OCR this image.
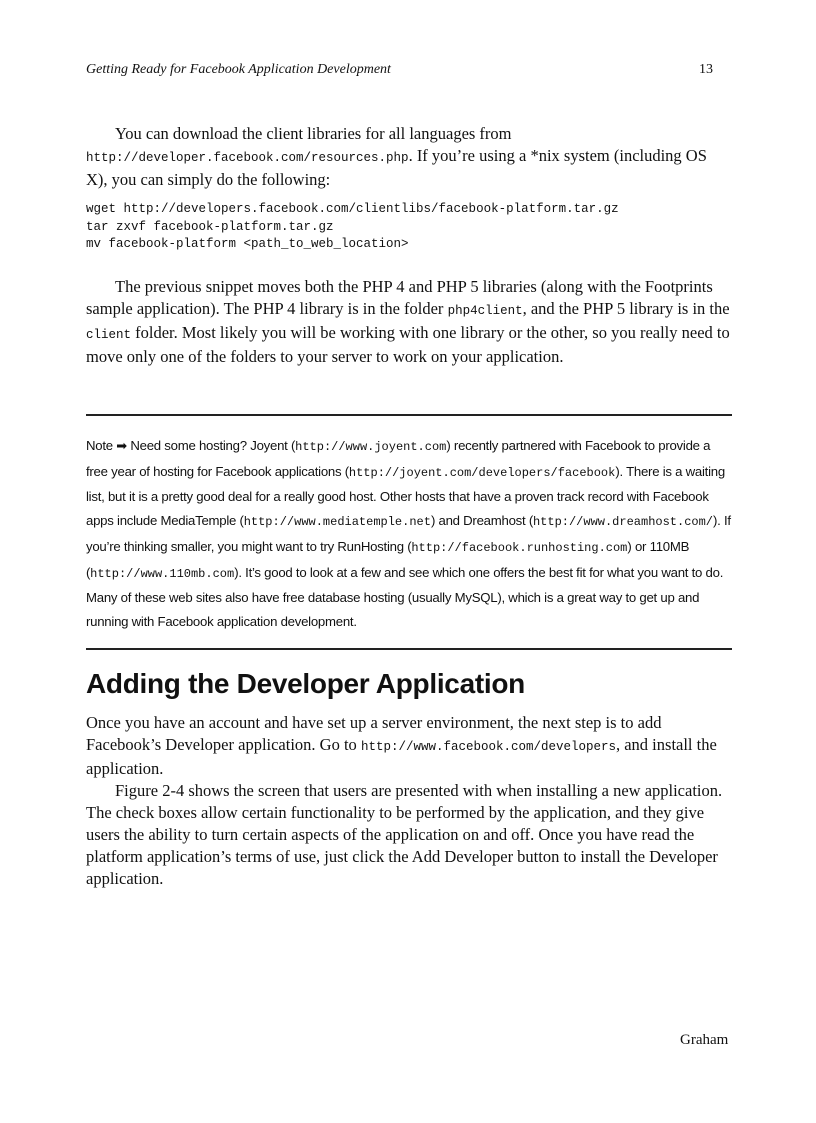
Getting Ready for Facebook Application Development	13

You can download the client libraries for all languages from http://developer.facebook.com/resources.php. If you’re using a *nix system (including OS X), you can simply do the following:

wget http://developers.facebook.com/clientlibs/facebook-platform.tar.gz
tar zxvf facebook-platform.tar.gz
mv facebook-platform <path_to_web_location>

The previous snippet moves both the PHP 4 and PHP 5 libraries (along with the Footprints sample application). The PHP 4 library is in the folder php4client, and the PHP 5 library is in the client folder. Most likely you will be working with one library or the other, so you really need to move only one of the folders to your server to work on your application.

Note ➡ Need some hosting? Joyent (http://www.joyent.com) recently partnered with Facebook to provide a free year of hosting for Facebook applications (http://joyent.com/developers/facebook). There is a waiting list, but it is a pretty good deal for a really good host. Other hosts that have a proven track record with Facebook apps include MediaTemple (http://www.mediatemple.net) and Dreamhost (http://www.dreamhost.com/). If you’re thinking smaller, you might want to try RunHosting (http://facebook.runhosting.com) or 110MB (http://www.110mb.com). It’s good to look at a few and see which one offers the best fit for what you want to do. Many of these web sites also have free database hosting (usually MySQL), which is a great way to get up and running with Facebook application development.

Adding the Developer Application

Once you have an account and have set up a server environment, the next step is to add Facebook’s Developer application. Go to http://www.facebook.com/developers, and install the application.

Figure 2-4 shows the screen that users are presented with when installing a new application. The check boxes allow certain functionality to be performed by the application, and they give users the ability to turn certain aspects of the application on and off. Once you have read the platform application’s terms of use, just click the Add Developer button to install the Developer application.

Graham
